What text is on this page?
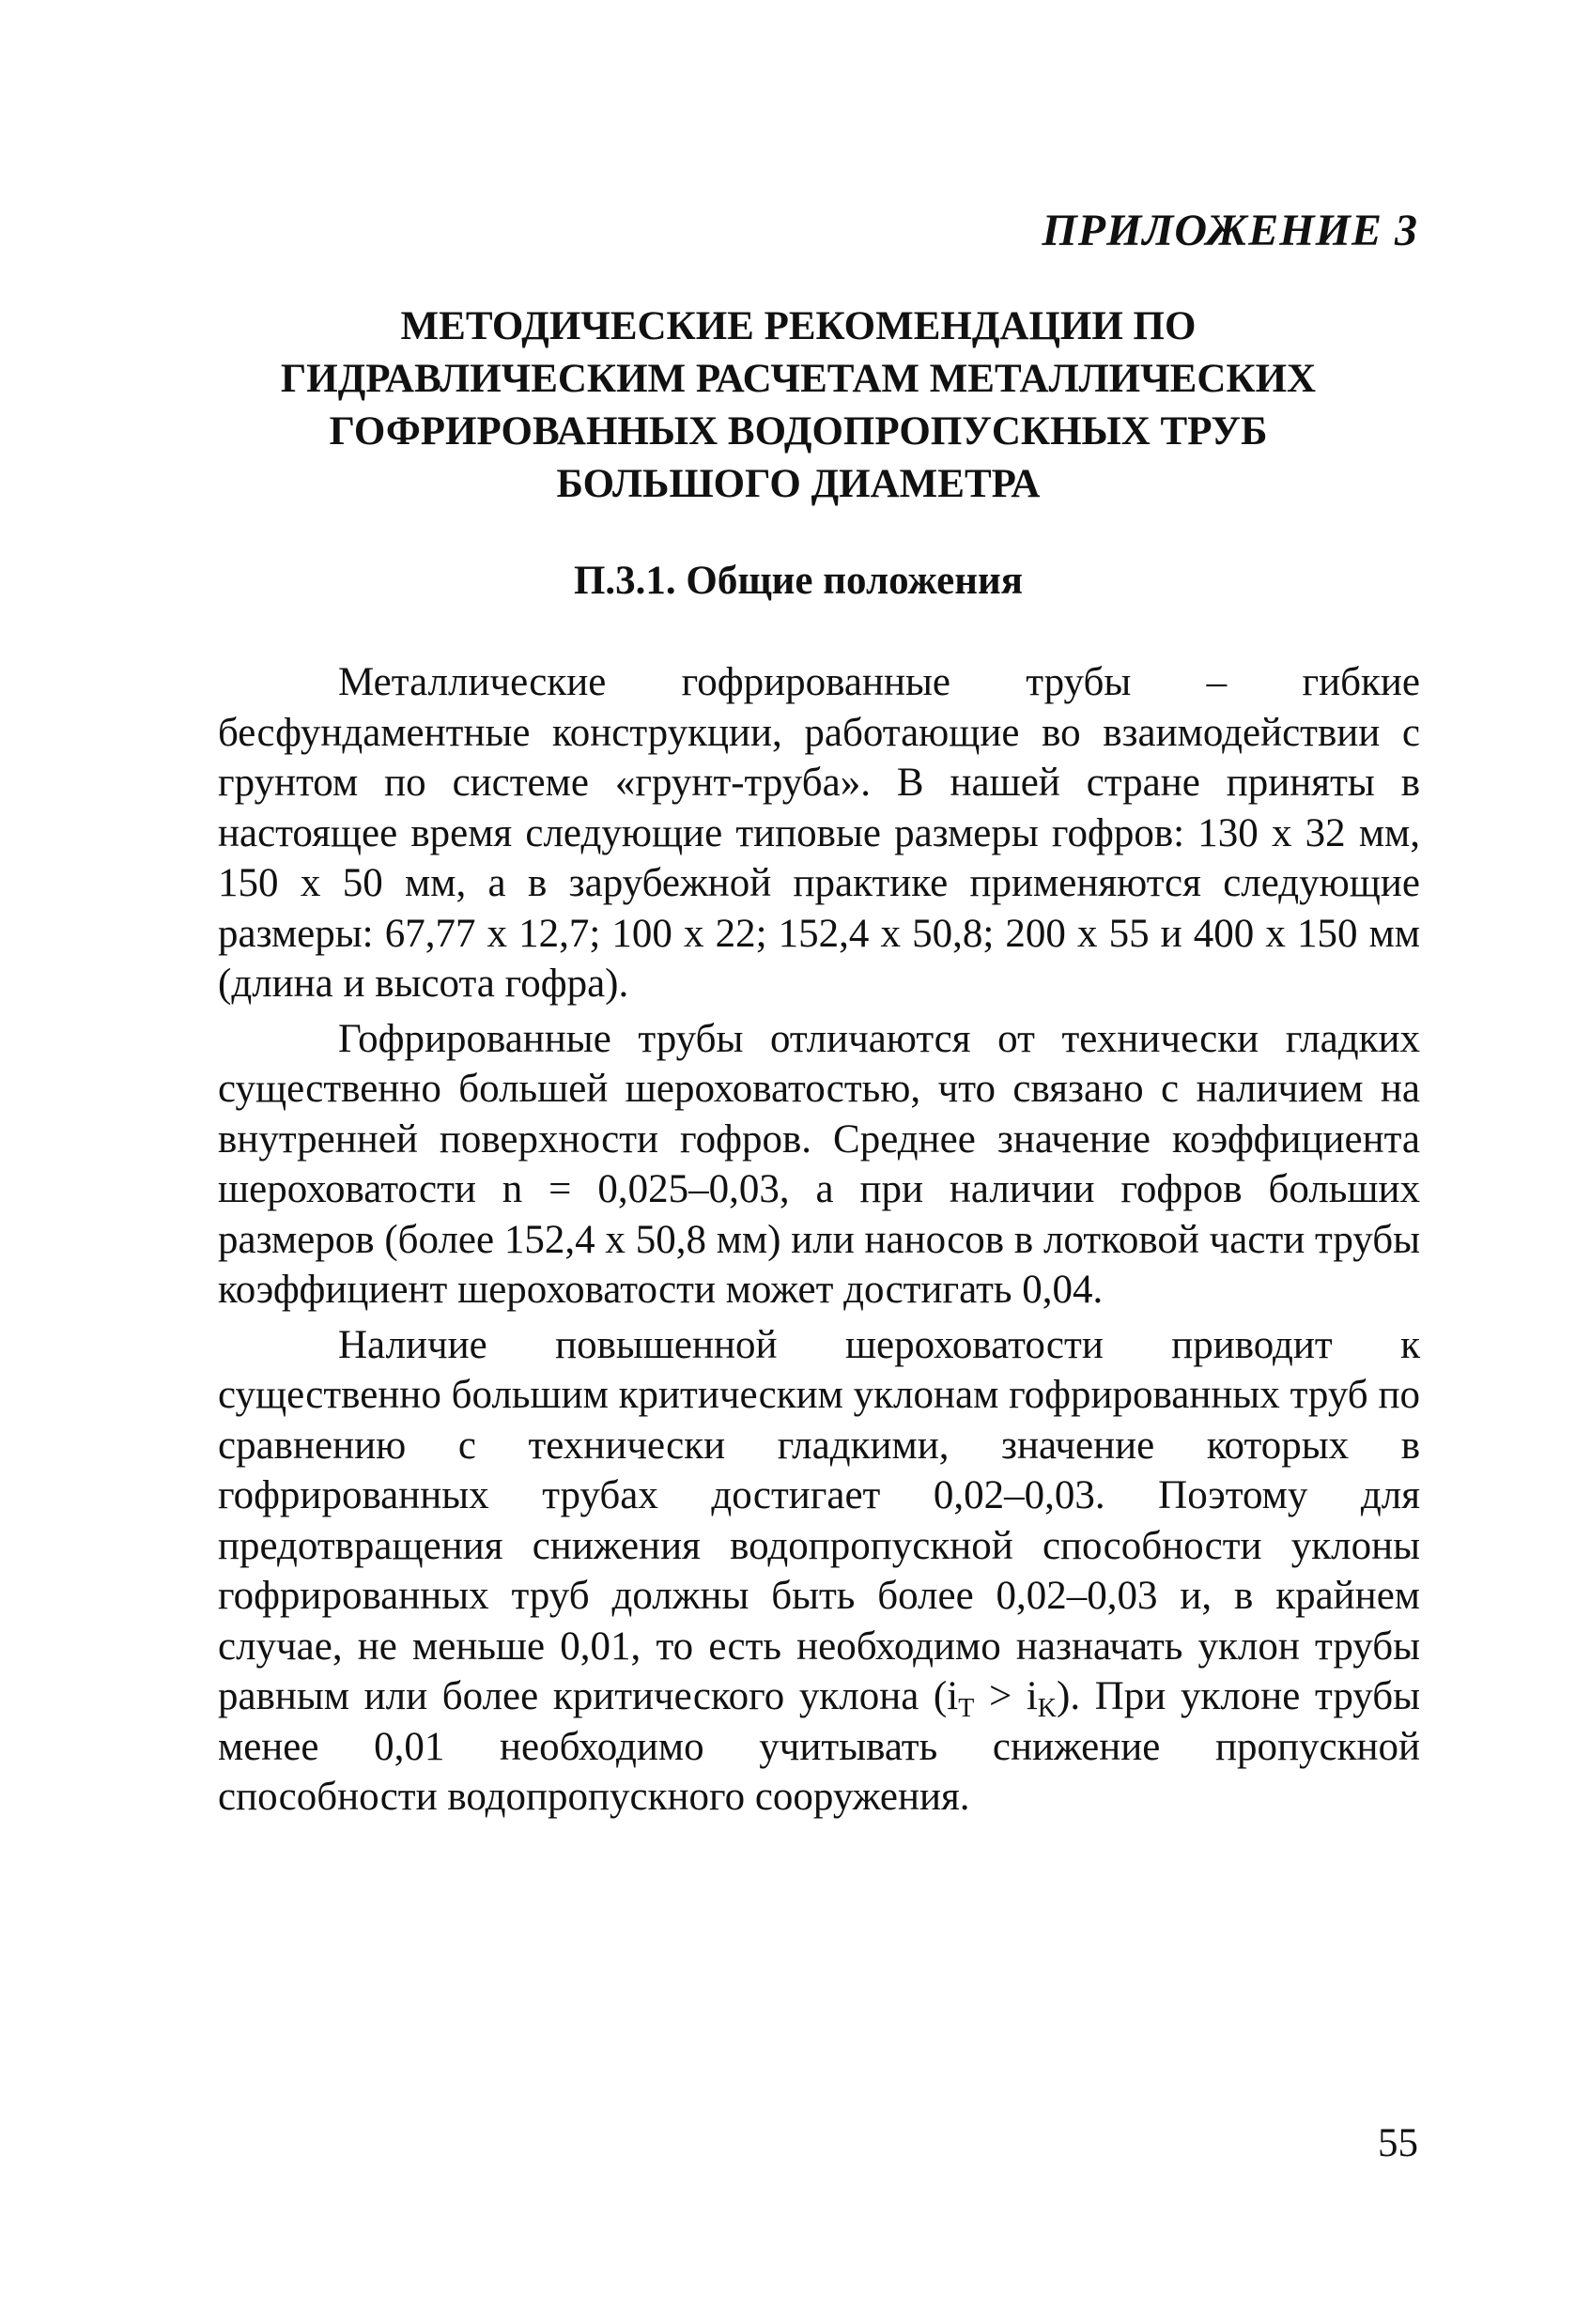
ПРИЛОЖЕНИЕ 3
МЕТОДИЧЕСКИЕ РЕКОМЕНДАЦИИ ПО
ГИДРАВЛИЧЕСКИМ РАСЧЕТАМ МЕТАЛЛИЧЕСКИХ
ГОФРИРОВАННЫХ ВОДОПРОПУСКНЫХ ТРУБ
БОЛЬШОГО ДИАМЕТРА
П.3.1. Общие положения

Металлические гофрированные трубы – гибкие бесфундаментные конструкции, работающие во взаимодействии с грунтом по системе «грунт-труба». В нашей стране приняты в настоящее время следующие типовые размеры гофров: 130 х 32 мм, 150 х 50 мм, а в зарубежной практике применяются следующие размеры: 67,77 х 12,7; 100 х 22; 152,4 х 50,8; 200 х 55 и 400 х 150 мм (длина и высота гофра).

Гофрированные трубы отличаются от технически гладких существенно большей шероховатостью, что связано с наличием на внутренней поверхности гофров. Среднее значение коэффициента шероховатости n = 0,025–0,03, а при наличии гофров больших размеров (более 152,4 х 50,8 мм) или наносов в лотковой части трубы коэффициент шероховатости может достигать 0,04.

Наличие повышенной шероховатости приводит к существенно большим критическим уклонам гофрированных труб по сравнению с технически гладкими, значение которых в гофрированных трубах достигает 0,02–0,03. Поэтому для предотвращения снижения водопропускной способности уклоны гофрированных труб должны быть более 0,02–0,03 и, в крайнем случае, не меньше 0,01, то есть необходимо назначать уклон трубы равным или более критического уклона $(i_T > i_K)$. При уклоне трубы менее 0,01 необходимо учитывать снижение пропускной способности водопропускного сооружения.

55
